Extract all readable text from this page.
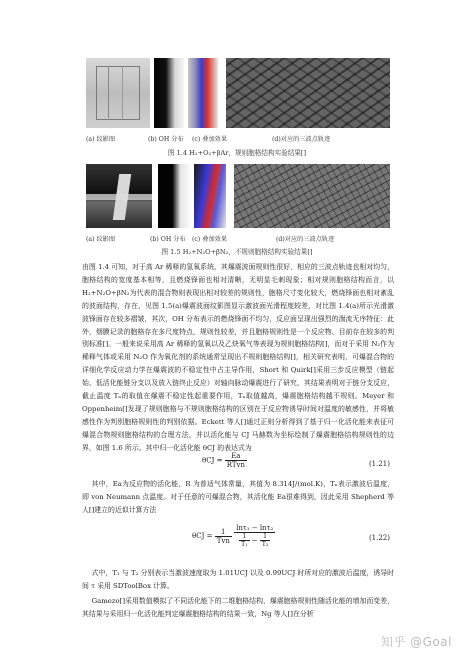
(a) 纹影图	(b) OH 分布 (c) 叠加效果	(d)对应的三波点轨迹
图 1.4 H₂+O₂+βAr，规则胞格结构实验结果[]
(a) 纹影图	(b) OH 分布 (c) 叠加效果	(d)对应的三波点轨迹
图 1.5 H₂+N₂O+βN₂，不规则胞格结构实验结果[]

由图 1.4 可知，对于高 Ar 稀释的氢氧系统，其爆震波面规则性很好，相应的三波点轨迹也相对均匀，胞格结构的宽度基本相等，且燃烧锋面也相对清晰，无明显毛刺现象；相对规则胞格结构而言，以 H₂+N₂O+βN₂为代表的混合物则表现出相对较差的规则性，胞格尺寸变化较大，燃烧锋面也相对紊乱的波面结构，存在，见图 1.5(a)爆震波面纹影图显示激波面光滑程度较差，对比图 1.4(a)所示光滑激波锋面存在较多褶皱，其次，OH 分布表示的燃烧锋面不均匀，反应面呈现出强烈的湍流无序特征：此外，烟膜记录的胞格存在多尺度特点，规则性较差，并且胞格规则性是一个反应物、目前存在较多的判别标准[]。一般来说采用高 Ar 稀释的氢氧以及乙炔氧气等表现为规则胞格结构[]，而对于采用 N₂作为稀释气体或采用 N₂O 作为氧化剂的系统通常呈现出不规则胞格结构[]，相关研究表明，可爆混合物的详细化学反应动力学在爆震波的不稳定性中占主导作用，Short 和 Quirk[]采用三步反应模型（链起始、低活化能链分支以及放入链终止反应）对轴向脉动爆震进行了研究，其结果表明对于链分支反应，截止温度 Tₙ的取值在爆震不稳定性起重要作用，Tₙ取值越高，爆震胞格结构越不规则。Meyer 和 Oppenheim[]发现了规则胞格与不规则胞格结构的区别在于反应物诱导时间对温度的敏感性，并将敏感性作为判别胞格规则性的判别依据。Eckett 等人[]通过正则分析得到了基于归一化活化能来表征可爆混合物规则胞格结构的合理方法，并以活化能与 CJ 马赫数为坐标绘制了爆震胞格结构规则性的边界，如图 1.6 所示。其中归一化活化能 θCJ 的表达式为

$\theta CJ = \frac{Ea}{\text{RTvn}}$	(1.21)

其中，Ea为反应物的活化能，R 为普适气体常量，其值为 8.314J/(mol.K)，Tₙ表示激波后温度，即 von Neumann 点温度。对于任意的可爆混合物，其活化能 Ea很难得到，因此采用 Shepherd 等人[]建立的近似计算方法

$\theta CJ = \frac{1}{\text{Tvn}}$
lnτ₁ − lnτ₂
$\frac{1}{\text{T₁}} - \frac{1}{\text{T₂}}$	(1.22)

式中，T₁ 与 T₂ 分别表示当激波速度取为 1.01UCJ 以及 0.99UCJ 时所对应的激波后温度，诱导时间 τ 采用 SDToolBox 计算。

Gamezo[]采用数值模拟了不同活化能下的二维胞格结构，爆震胞格规则性随活化能的增加而变差，其结果与采用归一化活化能判定爆震胞格结构的结果一致，Ng 等人[]在分析

知乎 @Goal
